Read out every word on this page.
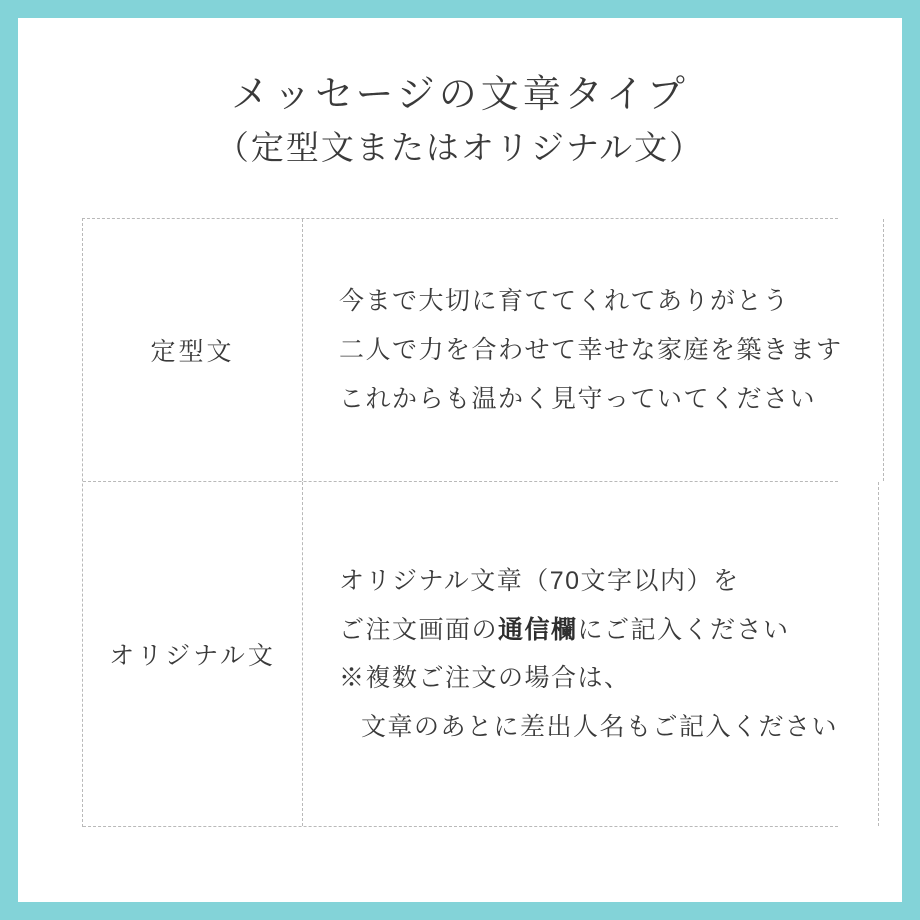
メッセージの文章タイプ
（定型文またはオリジナル文）
定型文
今まで大切に育ててくれてありがとう
二人で力を合わせて幸せな家庭を築きます
これからも温かく見守っていてください
オリジナル文
オリジナル文章（70文字以内）を
ご注文画面の通信欄にご記入ください
※複数ご注文の場合は、
文章のあとに差出人名もご記入ください
